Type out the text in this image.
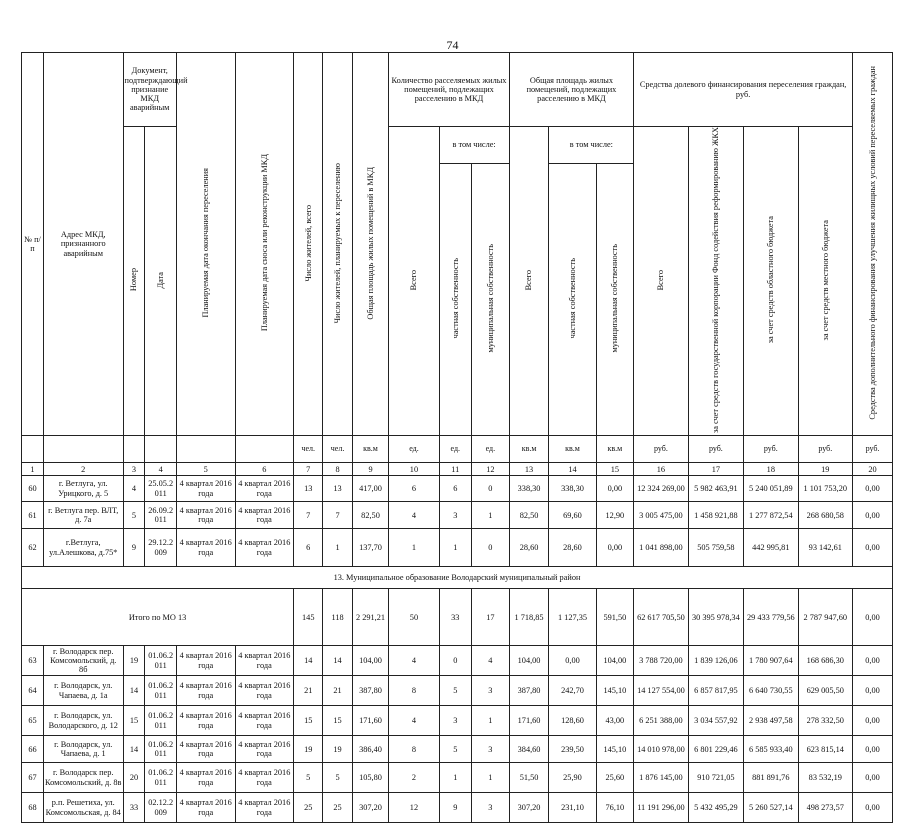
74
№ п/ п	Адрес МКД, признанного аварийным	Документ, подтверждающий признание МКД аварийным		Планируемая дата окончания переселения	Планируемая дата сноса или реконструкции МКД	Число жителей, всего	Число жителей, планируемых к переселению	Общая площадь жилых помещений в МКД	Количество расселяемых жилых помещений, подлежащих расселению в МКД			Общая площадь жилых помещений, подлежащих расселению в МКД			Средства долевого финансирования переселения граждан, руб.				Средства дополнительного финансирования улучшения жилищных условий переселяемых граждан
		Номер	Дата						Всего	в том числе:		Всего	в том числе:		Всего	за счет средств государственной корпорации Фонд содействия реформированию ЖКХ	за счет средств областного бюджета	за счет средств местного бюджета	
										частная собственность	муниципальная собственность		частная собственность	муниципальная собственность					
						чел.	чел.	кв.м	ед.	ед.	ед.	кв.м	кв.м	кв.м	руб.	руб.	руб.	руб.	руб.
1	2	3	4	5	6	7	8	9	10	11	12	13	14	15	16	17	18	19	20
60	г. Ветлуга, ул. Урицкого, д. 5	4	25.05.2 011	4 квартал 2016 года	4 квартал 2016 года	13	13	417,00	6	6	0	338,30	338,30	0,00	12 324 269,00	5 982 463,91	5 240 051,89	1 101 753,20	0,00
61	г. Ветлуга пер. ВЛТ, д. 7а	5	26.09.2 011	4 квартал 2016 года	4 квартал 2016 года	7	7	82,50	4	3	1	82,50	69,60	12,90	3 005 475,00	1 458 921,88	1 277 872,54	268 680,58	0,00
62	г.Ветлуга, ул.Алешкова, д.75*	9	29.12.2 009	4 квартал 2016 года	4 квартал 2016 года	6	1	137,70	1	1	0	28,60	28,60	0,00	1 041 898,00	505 759,58	442 995,81	93 142,61	0,00
13. Муниципальное образование Володарский муниципальный район																			
Итого по МО 13						145	118	2 291,21	50	33	17	1 718,85	1 127,35	591,50	62 617 705,50	30 395 978,34	29 433 779,56	2 787 947,60	0,00
63	г. Володарск пер. Комсомольский, д. 8б	19	01.06.2 011	4 квартал 2016 года	4 квартал 2016 года	14	14	104,00	4	0	4	104,00	0,00	104,00	3 788 720,00	1 839 126,06	1 780 907,64	168 686,30	0,00
64	г. Володарск, ул. Чапаева, д. 1а	14	01.06.2 011	4 квартал 2016 года	4 квартал 2016 года	21	21	387,80	8	5	3	387,80	242,70	145,10	14 127 554,00	6 857 817,95	6 640 730,55	629 005,50	0,00
65	г. Володарск, ул. Володарского, д. 12	15	01.06.2 011	4 квартал 2016 года	4 квартал 2016 года	15	15	171,60	4	3	1	171,60	128,60	43,00	6 251 388,00	3 034 557,92	2 938 497,58	278 332,50	0,00
66	г. Володарск, ул. Чапаева, д. 1	14	01.06.2 011	4 квартал 2016 года	4 квартал 2016 года	19	19	386,40	8	5	3	384,60	239,50	145,10	14 010 978,00	6 801 229,46	6 585 933,40	623 815,14	0,00
67	г. Володарск пер. Комсомольский, д. 8в	20	01.06.2 011	4 квартал 2016 года	4 квартал 2016 года	5	5	105,80	2	1	1	51,50	25,90	25,60	1 876 145,00	910 721,05	881 891,76	83 532,19	0,00
68	р.п. Решетиха, ул. Комсомольская, д. 84	33	02.12.2 009	4 квартал 2016 года	4 квартал 2016 года	25	25	307,20	12	9	3	307,20	231,10	76,10	11 191 296,00	5 432 495,29	5 260 527,14	498 273,57	0,00
